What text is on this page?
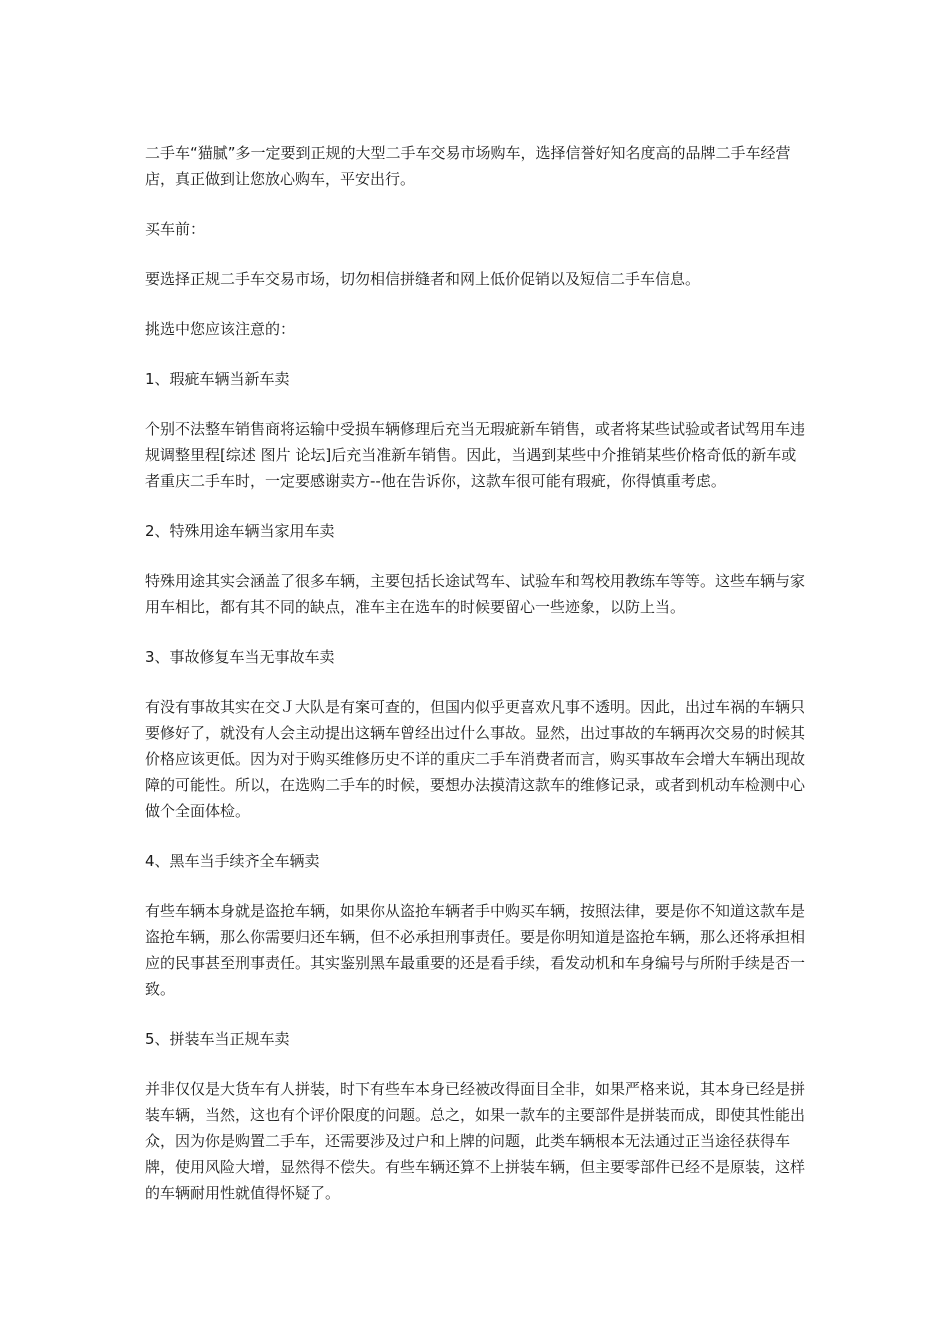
二手车“猫腻”多一定要到正规的大型二手车交易市场购车，选择信誉好知名度高的品牌二手车经营店，真正做到让您放心购车，平安出行。

买车前：

要选择正规二手车交易市场，切勿相信拼缝者和网上低价促销以及短信二手车信息。

挑选中您应该注意的：

1、瑕疵车辆当新车卖

个别不法整车销售商将运输中受损车辆修理后充当无瑕疵新车销售，或者将某些试验或者试驾用车违规调整里程[综述 图片 论坛]后充当准新车销售。因此，当遇到某些中介推销某些价格奇低的新车或者重庆二手车时，一定要感谢卖方--他在告诉你，这款车很可能有瑕疵，你得慎重考虑。

2、特殊用途车辆当家用车卖

特殊用途其实会涵盖了很多车辆，主要包括长途试驾车、试验车和驾校用教练车等等。这些车辆与家用车相比，都有其不同的缺点，准车主在选车的时候要留心一些迹象，以防上当。

3、事故修复车当无事故车卖

有没有事故其实在交Ｊ大队是有案可查的，但国内似乎更喜欢凡事不透明。因此，出过车祸的车辆只要修好了，就没有人会主动提出这辆车曾经出过什么事故。显然，出过事故的车辆再次交易的时候其价格应该更低。因为对于购买维修历史不详的重庆二手车消费者而言，购买事故车会增大车辆出现故障的可能性。所以，在选购二手车的时候，要想办法摸清这款车的维修记录，或者到机动车检测中心做个全面体检。

4、黑车当手续齐全车辆卖

有些车辆本身就是盗抢车辆，如果你从盗抢车辆者手中购买车辆，按照法律，要是你不知道这款车是盗抢车辆，那么你需要归还车辆，但不必承担刑事责任。要是你明知道是盗抢车辆，那么还将承担相应的民事甚至刑事责任。其实鉴别黑车最重要的还是看手续，看发动机和车身编号与所附手续是否一致。

5、拼装车当正规车卖

并非仅仅是大货车有人拼装，时下有些车本身已经被改得面目全非，如果严格来说，其本身已经是拼装车辆，当然，这也有个评价限度的问题。总之，如果一款车的主要部件是拼装而成，即使其性能出众，因为你是购置二手车，还需要涉及过户和上牌的问题，此类车辆根本无法通过正当途径获得车牌，使用风险大增，显然得不偿失。有些车辆还算不上拼装车辆，但主要零部件已经不是原装，这样的车辆耐用性就值得怀疑了。
